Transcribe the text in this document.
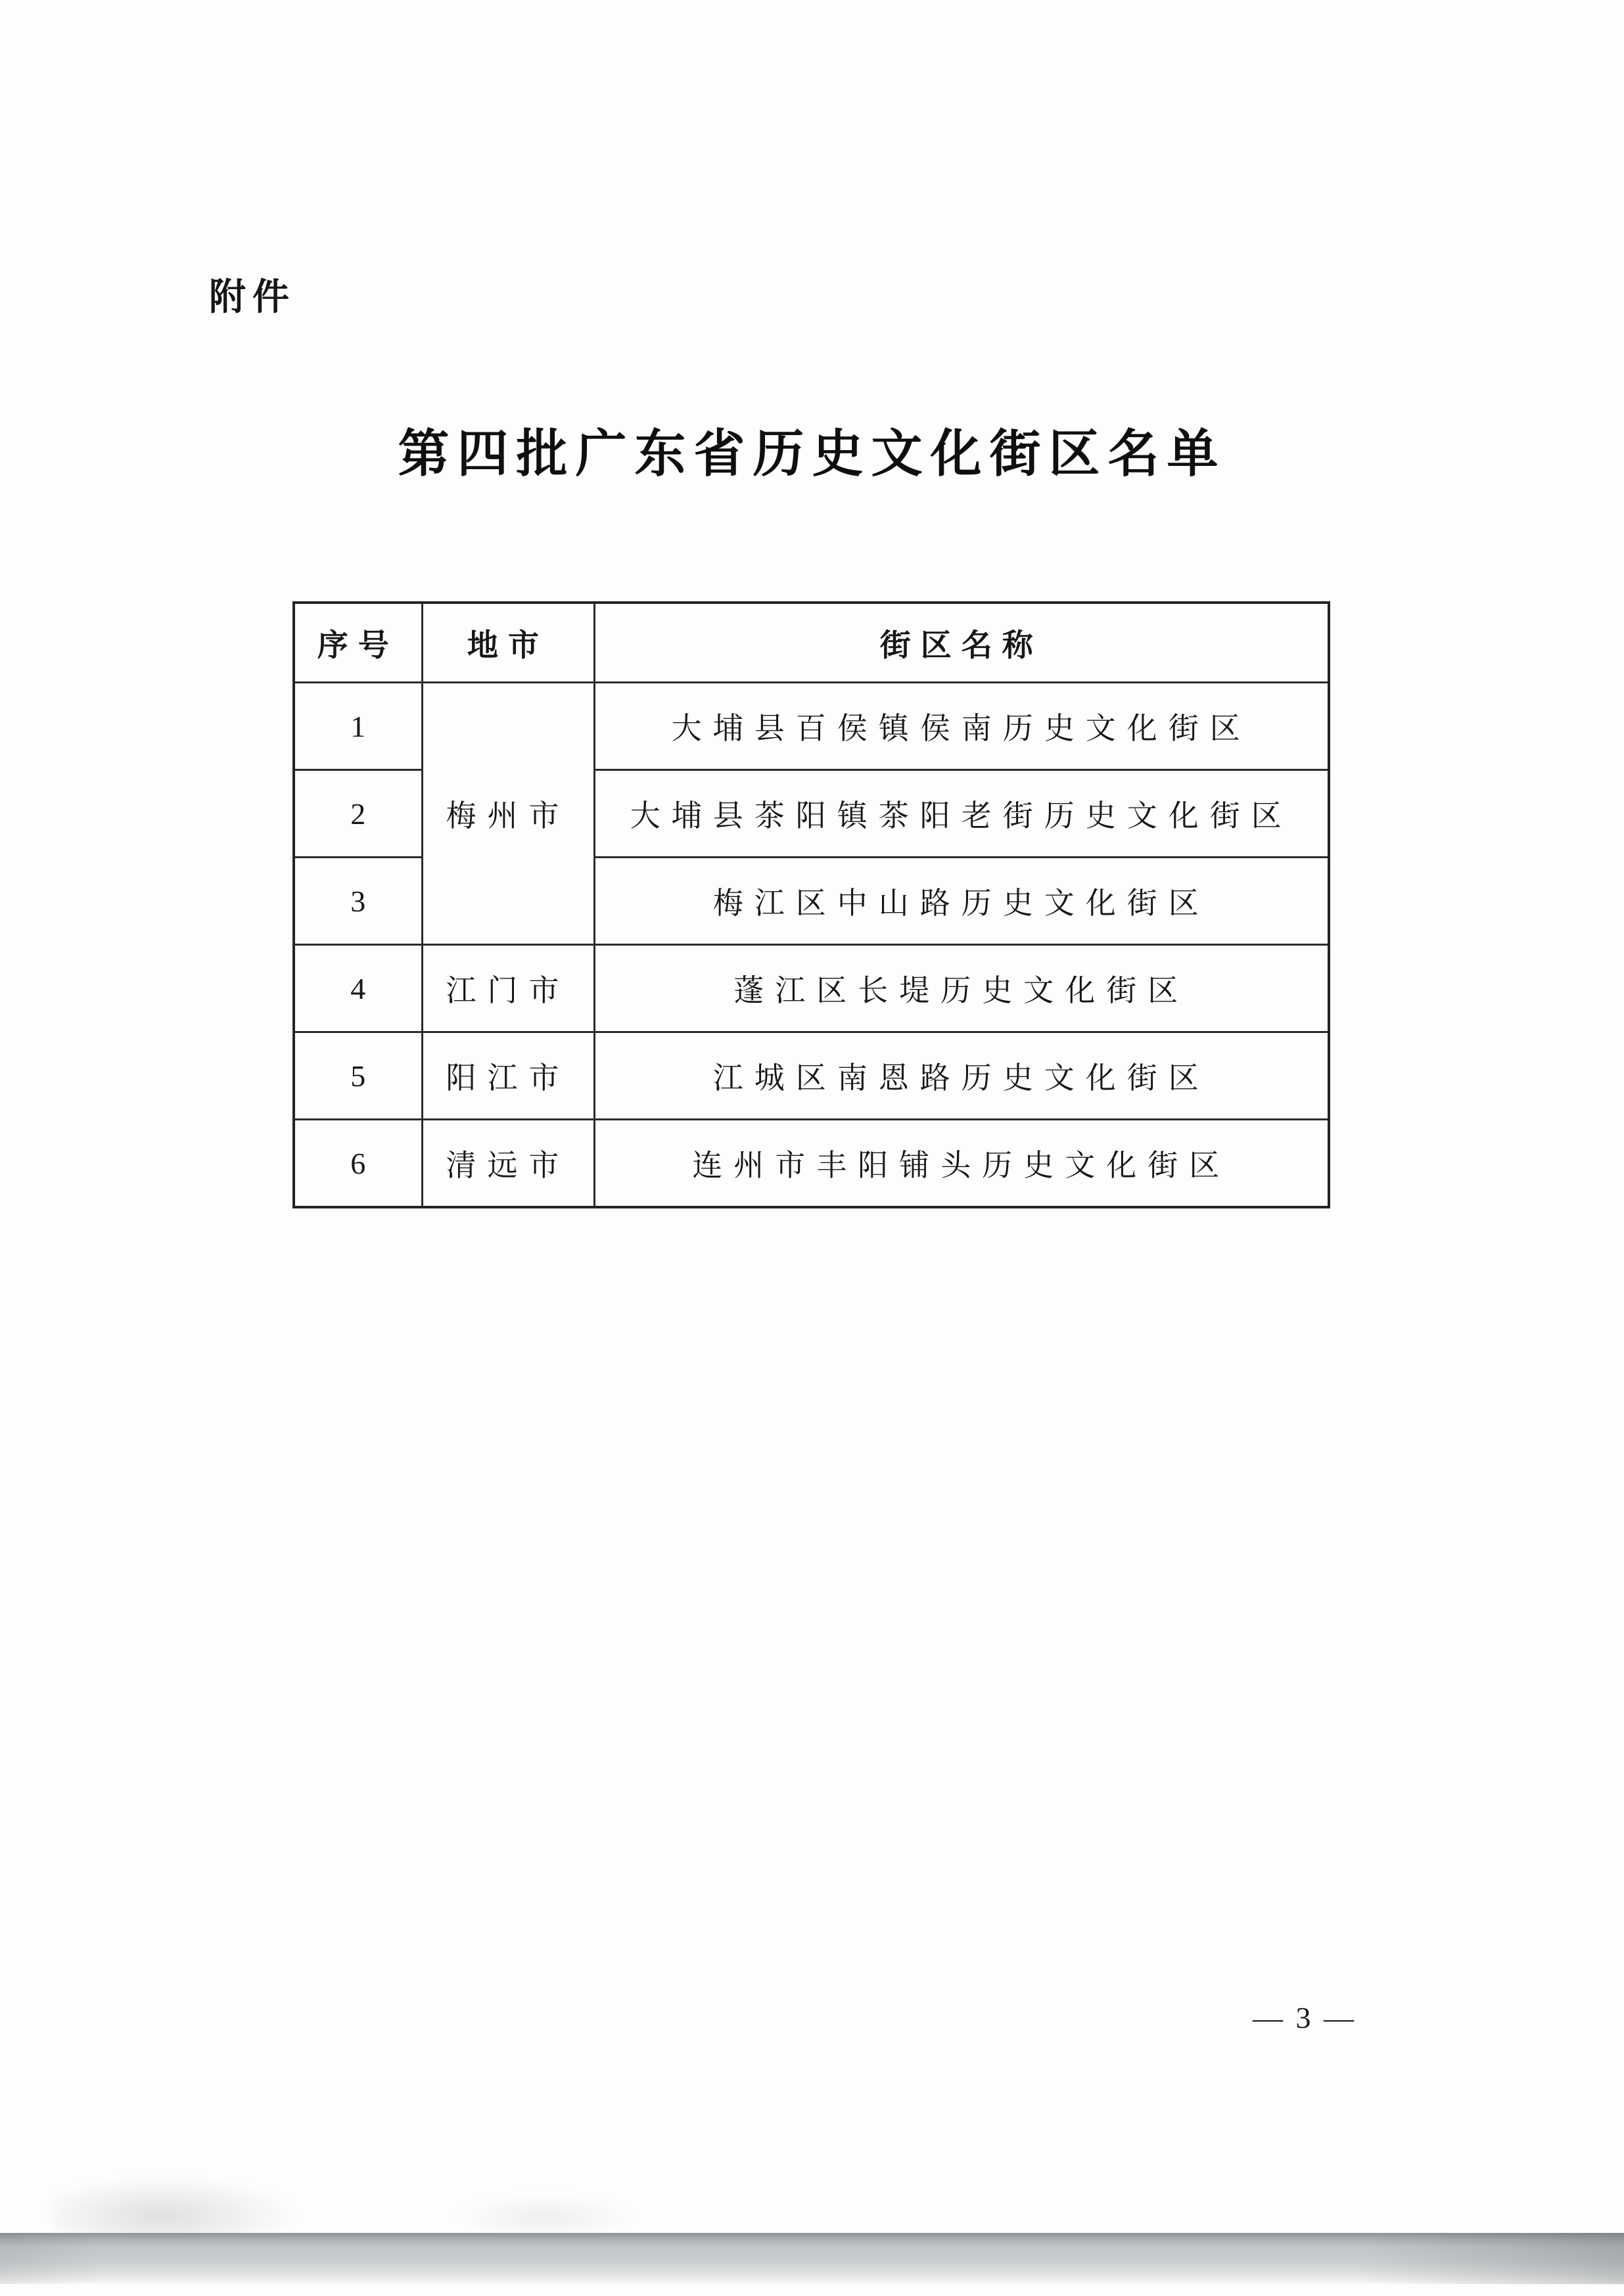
附件
第四批广东省历史文化街区名单
序号	地市	街区名称
1	梅州市	大埔县百侯镇侯南历史文化街区
2		大埔县茶阳镇茶阳老街历史文化街区
3		梅江区中山路历史文化街区
4	江门市	蓬江区长堤历史文化街区
5	阳江市	江城区南恩路历史文化街区
6	清远市	连州市丰阳铺头历史文化街区
— 3 —
